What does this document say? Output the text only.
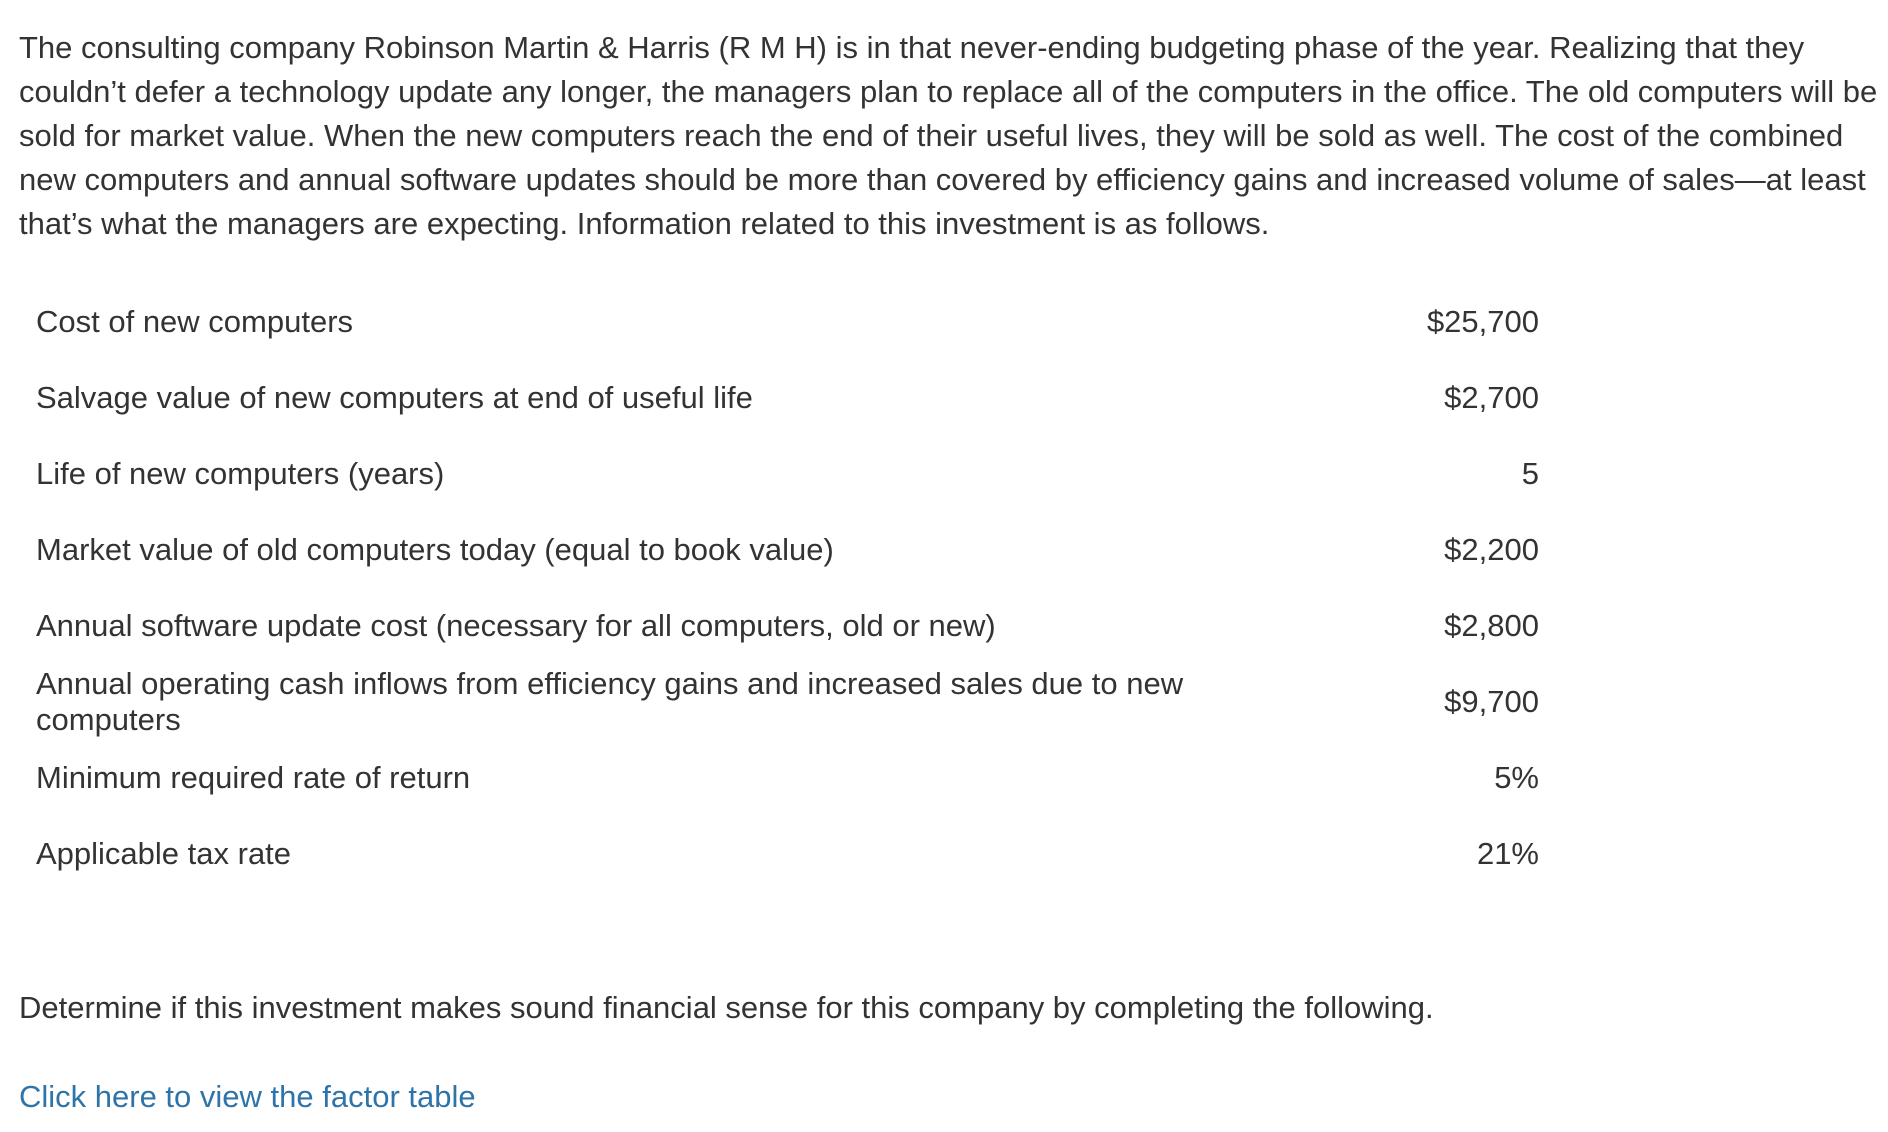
The consulting company Robinson Martin & Harris (R M H) is in that never-ending budgeting phase of the year. Realizing that they couldn’t defer a technology update any longer, the managers plan to replace all of the computers in the office. The old computers will be sold for market value. When the new computers reach the end of their useful lives, they will be sold as well. The cost of the combined new computers and annual software updates should be more than covered by efficiency gains and increased volume of sales—at least that’s what the managers are expecting. Information related to this investment is as follows.

Cost of new computers	$25,700
Salvage value of new computers at end of useful life	$2,700
Life of new computers (years)	5
Market value of old computers today (equal to book value)	$2,200
Annual software update cost (necessary for all computers, old or new)	$2,800
Annual operating cash inflows from efficiency gains and increased sales due to new computers	$9,700
Minimum required rate of return	5%
Applicable tax rate	21%

Determine if this investment makes sound financial sense for this company by completing the following.

Click here to view the factor table
